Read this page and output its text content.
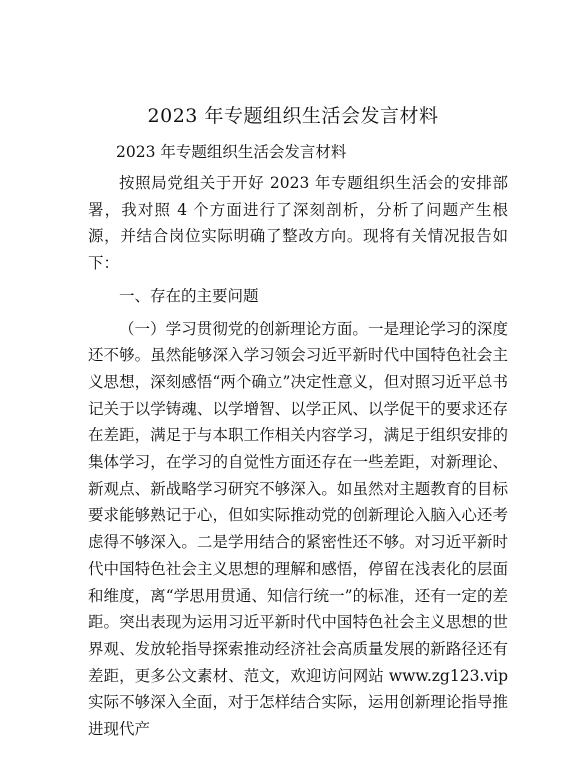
2023 年专题组织生活会发言材料
2023 年专题组织生活会发言材料

按照局党组关于开好 2023 年专题组织生活会的安排部署，我对照 4 个方面进行了深刻剖析，分析了问题产生根源，并结合岗位实际明确了整改方向。现将有关情况报告如下：

一、存在的主要问题

（一）学习贯彻党的创新理论方面。一是理论学习的深度还不够。虽然能够深入学习领会习近平新时代中国特色社会主义思想，深刻感悟“两个确立”决定性意义，但对照习近平总书记关于以学铸魂、以学增智、以学正风、以学促干的要求还存在差距，满足于与本职工作相关内容学习，满足于组织安排的集体学习，在学习的自觉性方面还存在一些差距，对新理论、新观点、新战略学习研究不够深入。如虽然对主题教育的目标要求能够熟记于心，但如实际推动党的创新理论入脑入心还考虑得不够深入。二是学用结合的紧密性还不够。对习近平新时代中国特色社会主义思想的理解和感悟，停留在浅表化的层面和维度，离“学思用贯通、知信行统一”的标准，还有一定的差距。突出表现为运用习近平新时代中国特色社会主义思想的世界观、发放轮指导探索推动经济社会高质量发展的新路径还有差距，更多公文素材、范文，欢迎访问网站 www.zg123.vip 实际不够深入全面，对于怎样结合实际，运用创新理论指导推进现代产
